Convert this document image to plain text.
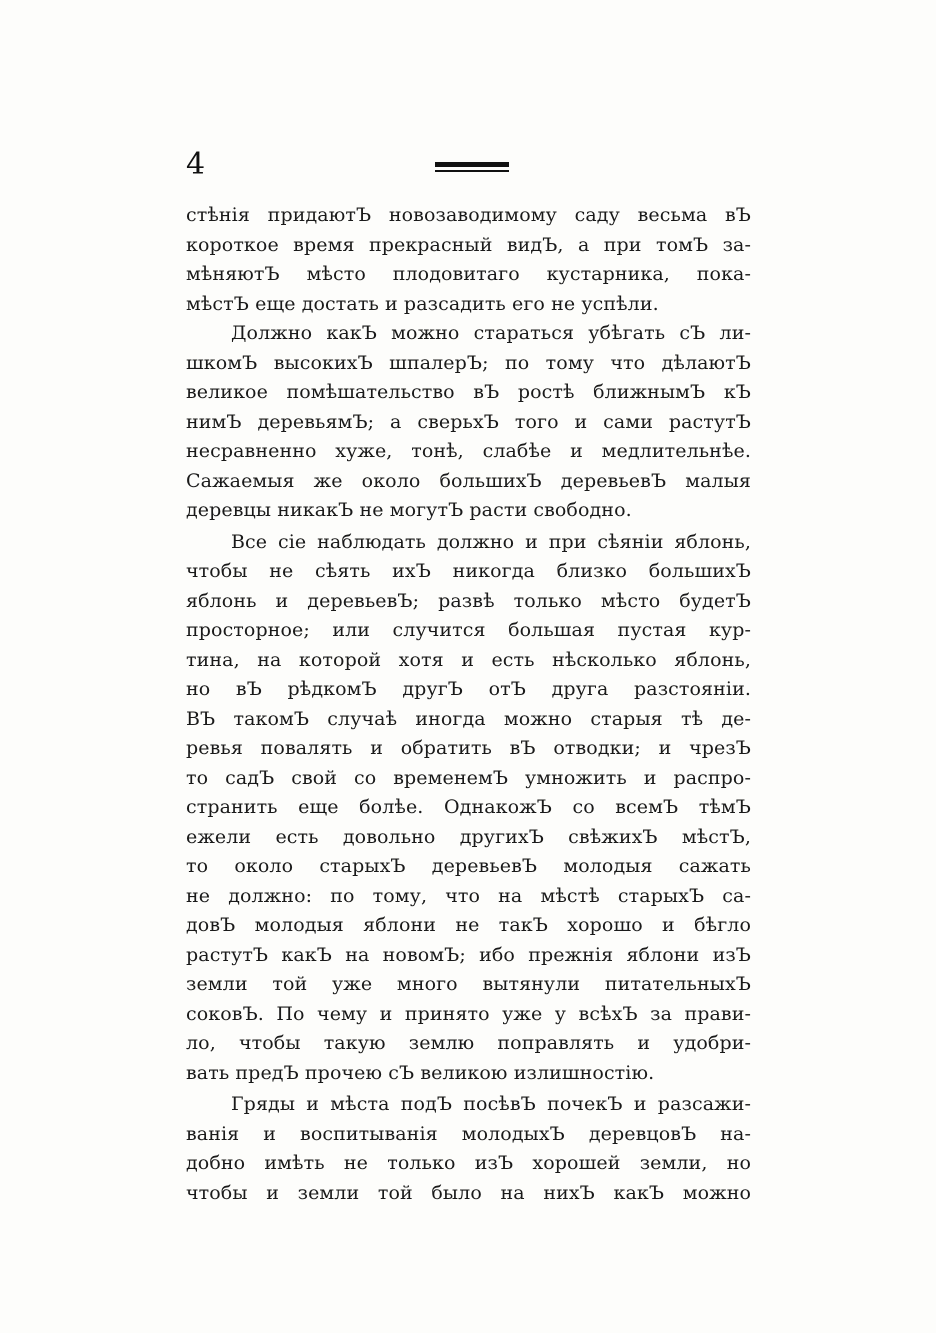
4
стѣнія придаютЪ новозаводимому саду весьма вЪ
короткое время прекрасный видЪ, а при томЪ за-
мѣняютЪ мѣсто плодовитаго кустарника, пока-
мѣстЪ еще достать и разсадить его не успѣли.
Должно какЪ можно стараться убѣгать сЪ ли-
шкомЪ высокихЪ шпалерЪ; по тому что дѣлаютЪ
великое помѣшательство вЪ ростѣ ближнымЪ кЪ
нимЪ деревьямЪ; а сверьхЪ того и сами растутЪ
несравненно хуже, тонѣ, слабѣе и медлительнѣе.
Сажаемыя же около большихЪ деревьевЪ малыя
деревцы никакЪ не могутЪ расти свободно.
Все сіе наблюдать должно и при сѣяніи яблонь,
чтобы не сѣять ихЪ никогда близко большихЪ
яблонь и деревьевЪ; развѣ только мѣсто будетЪ
просторное; или случится большая пустая кур-
тина, на которой хотя и есть нѣсколько яблонь,
но вЪ рѣдкомЪ другЪ отЪ друга разстояніи.
ВЪ такомЪ случаѣ иногда можно старыя тѣ де-
ревья повалять и обратить вЪ отводки; и чрезЪ
то садЪ свой со временемЪ умножить и распро-
странить еще болѣе. ОднакожЪ со всемЪ тѣмЪ
ежели есть довольно другихЪ свѣжихЪ мѣстЪ,
то около старыхЪ деревьевЪ молодыя сажать
не должно: по тому, что на мѣстѣ старыхЪ са-
довЪ молодыя яблони не такЪ хорошо и бѣгло
растутЪ какЪ на новомЪ; ибо прежнія яблони изЪ
земли той уже много вытянули питательныхЪ
соковЪ. По чему и принято уже у всѣхЪ за прави-
ло, чтобы такую землю поправлять и удобри-
вать предЪ прочею сЪ великою излишностію.
Гряды и мѣста подЪ посѣвЪ почекЪ и разсажи-
ванія и воспитыванія молодыхЪ деревцовЪ на-
добно имѣть не только изЪ хорошей земли, но
чтобы и земли той было на нихЪ какЪ можно
